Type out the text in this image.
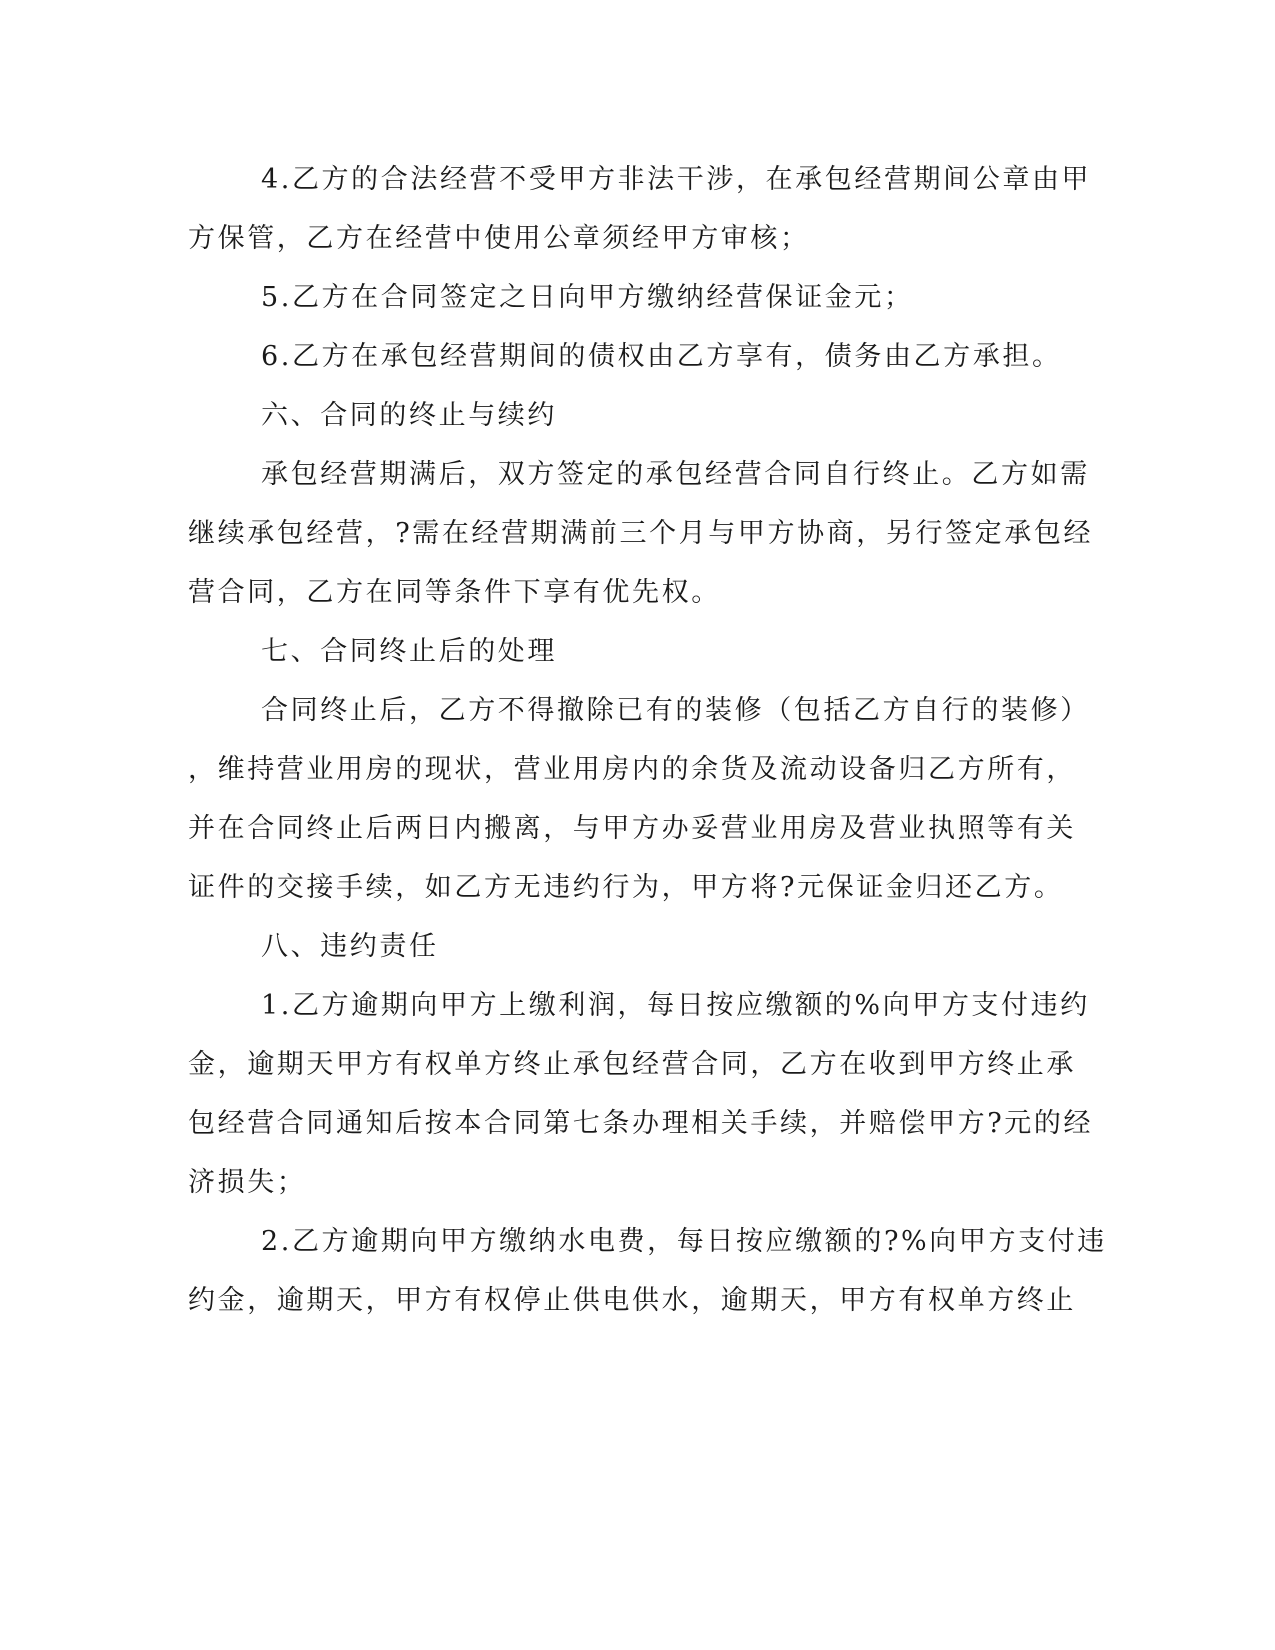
4.乙方的合法经营不受甲方非法干涉，在承包经营期间公章由甲
方保管，乙方在经营中使用公章须经甲方审核；
5.乙方在合同签定之日向甲方缴纳经营保证金元；
6.乙方在承包经营期间的债权由乙方享有，债务由乙方承担。
六、合同的终止与续约
承包经营期满后，双方签定的承包经营合同自行终止。乙方如需
继续承包经营，?需在经营期满前三个月与甲方协商，另行签定承包经
营合同，乙方在同等条件下享有优先权。
七、合同终止后的处理
合同终止后，乙方不得撤除已有的装修（包括乙方自行的装修）
，维持营业用房的现状，营业用房内的余货及流动设备归乙方所有，
并在合同终止后两日内搬离，与甲方办妥营业用房及营业执照等有关
证件的交接手续，如乙方无违约行为，甲方将?元保证金归还乙方。
八、违约责任
1.乙方逾期向甲方上缴利润，每日按应缴额的%向甲方支付违约
金，逾期天甲方有权单方终止承包经营合同，乙方在收到甲方终止承
包经营合同通知后按本合同第七条办理相关手续，并赔偿甲方?元的经
济损失；
2.乙方逾期向甲方缴纳水电费，每日按应缴额的?%向甲方支付违
约金，逾期天，甲方有权停止供电供水，逾期天，甲方有权单方终止
